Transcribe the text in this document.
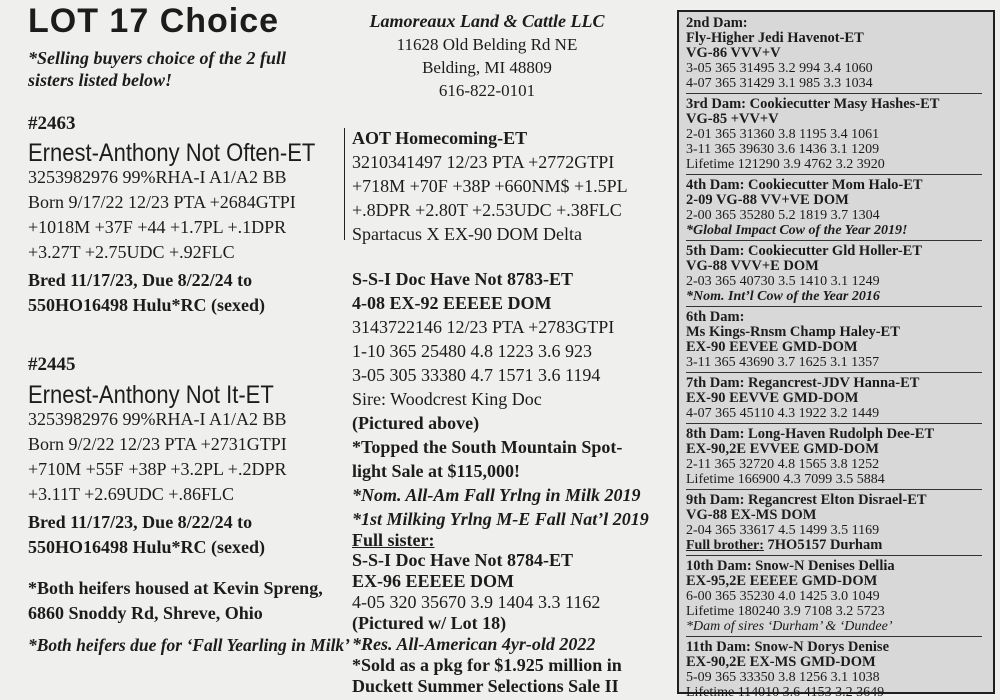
LOT 17 Choice
*Selling buyers choice of the 2 full
sisters listed below!
#2463
Ernest-Anthony Not Often-ET
3253982976 99%RHA-I A1/A2 BB
Born 9/17/22 12/23 PTA +2684GTPI
+1018M +37F +44 +1.7PL +.1DPR
+3.27T +2.75UDC +.92FLC
Bred 11/17/23, Due 8/22/24 to
550HO16498 Hulu*RC (sexed)
#2445
Ernest-Anthony Not It-ET
3253982976 99%RHA-I A1/A2 BB
Born 9/2/22 12/23 PTA +2731GTPI
+710M +55F +38P +3.2PL +.2DPR
+3.11T +2.69UDC +.86FLC
Bred 11/17/23, Due 8/22/24 to
550HO16498 Hulu*RC (sexed)
*Both heifers housed at Kevin Spreng,
6860 Snoddy Rd, Shreve, Ohio
*Both heifers due for ‘Fall Yearling in Milk’
Lamoreaux Land & Cattle LLC
11628 Old Belding Rd NE
Belding, MI 48809
616-822-0101
AOT Homecoming-ET
3210341497 12/23 PTA +2772GTPI
+718M +70F +38P +660NM$ +1.5PL
+.8DPR +2.80T +2.53UDC +.38FLC
Spartacus X EX-90 DOM Delta
S-S-I Doc Have Not 8783-ET
4-08 EX-92 EEEEE DOM
3143722146 12/23 PTA +2783GTPI
1-10 365 25480 4.8 1223 3.6 923
3-05 305 33380 4.7 1571 3.6 1194
Sire: Woodcrest King Doc
(Pictured above)
*Topped the South Mountain Spot-
light Sale at $115,000!
*Nom. All-Am Fall Yrlng in Milk 2019
*1st Milking Yrlng M-E Fall Nat’l 2019
Full sister:
S-S-I Doc Have Not 8784-ET
EX-96 EEEEE DOM
4-05 320 35670 3.9 1404 3.3 1162
(Pictured w/ Lot 18)
*Res. All-American 4yr-old 2022
*Sold as a pkg for $1.925 million in
Duckett Summer Selections Sale II
2nd Dam:
Fly-Higher Jedi Havenot-ET
VG-86 VVV+V
3-05 365 31495 3.2 994 3.4 1060
4-07 365 31429 3.1 985 3.3 1034
3rd Dam: Cookiecutter Masy Hashes-ET
VG-85 +VV+V
2-01 365 31360 3.8 1195 3.4 1061
3-11 365 39630 3.6 1436 3.1 1209
Lifetime 121290 3.9 4762 3.2 3920
4th Dam: Cookiecutter Mom Halo-ET
2-09 VG-88 VV+VE DOM
2-00 365 35280 5.2 1819 3.7 1304
*Global Impact Cow of the Year 2019!
5th Dam: Cookiecutter Gld Holler-ET
VG-88 VVV+E DOM
2-03 365 40730 3.5 1410 3.1 1249
*Nom. Int’l Cow of the Year 2016
6th Dam:
Ms Kings-Rnsm Champ Haley-ET
EX-90 EEVEE GMD-DOM
3-11 365 43690 3.7 1625 3.1 1357
7th Dam: Regancrest-JDV Hanna-ET
EX-90 EEVVE GMD-DOM
4-07 365 45110 4.3 1922 3.2 1449
8th Dam: Long-Haven Rudolph Dee-ET
EX-90,2E EVVEE GMD-DOM
2-11 365 32720 4.8 1565 3.8 1252
Lifetime 166900 4.3 7099 3.5 5884
9th Dam: Regancrest Elton Disrael-ET
VG-88 EX-MS DOM
2-04 365 33617 4.5 1499 3.5 1169
Full brother: 7HO5157 Durham
10th Dam: Snow-N Denises Dellia
EX-95,2E EEEEE GMD-DOM
6-00 365 35230 4.0 1425 3.0 1049
Lifetime 180240 3.9 7108 3.2 5723
*Dam of sires ‘Durham’ & ‘Dundee’
11th Dam: Snow-N Dorys Denise
EX-90,2E EX-MS GMD-DOM
5-09 365 33350 3.8 1256 3.1 1038
Lifetime 114010 3.6 4153 3.2 3649
